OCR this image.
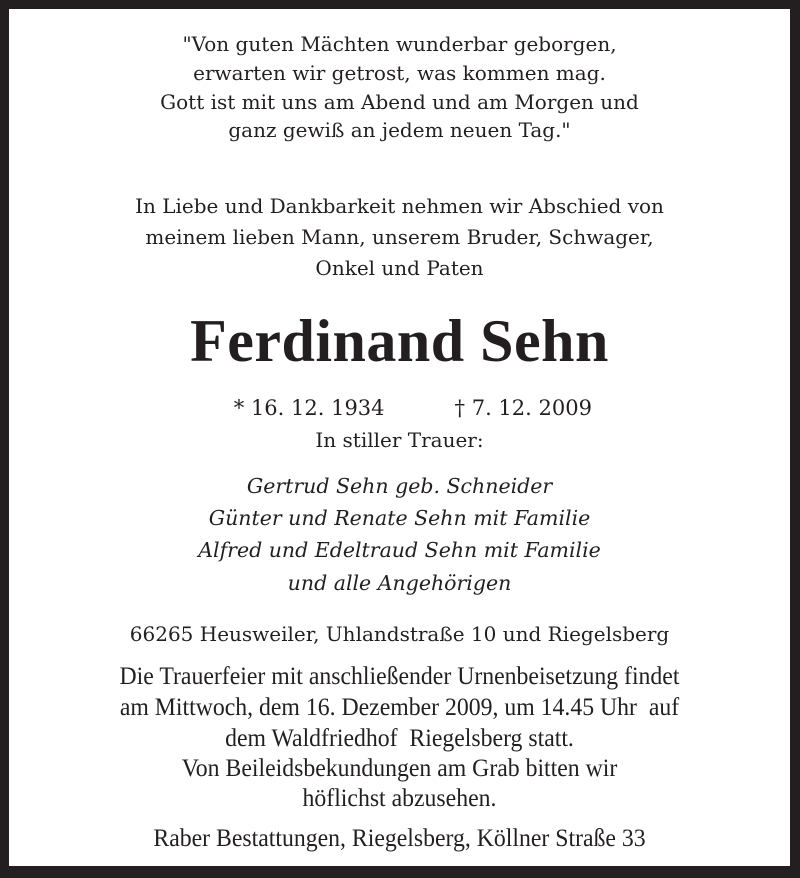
"Von guten Mächten wunderbar geborgen,
erwarten wir getrost, was kommen mag.
Gott ist mit uns am Abend und am Morgen und
ganz gewiß an jedem neuen Tag."
In Liebe und Dankbarkeit nehmen wir Abschied von
meinem lieben Mann, unserem Bruder, Schwager,
Onkel und Paten
Ferdinand Sehn

* 16. 12. 1934	† 7. 12. 2009

In stiller Trauer:
Gertrud Sehn geb. Schneider
Günter und Renate Sehn mit Familie
Alfred und Edeltraud Sehn mit Familie
und alle Angehörigen
66265 Heusweiler, Uhlandstraße 10 und Riegelsberg
Die Trauerfeier mit anschließender Urnenbeisetzung findet
am Mittwoch, dem 16. Dezember 2009, um 14.45 Uhr  auf
dem Waldfriedhof  Riegelsberg statt.
Von Beileidsbekundungen am Grab bitten wir
höflichst abzusehen.
Raber Bestattungen, Riegelsberg, Köllner Straße 33
